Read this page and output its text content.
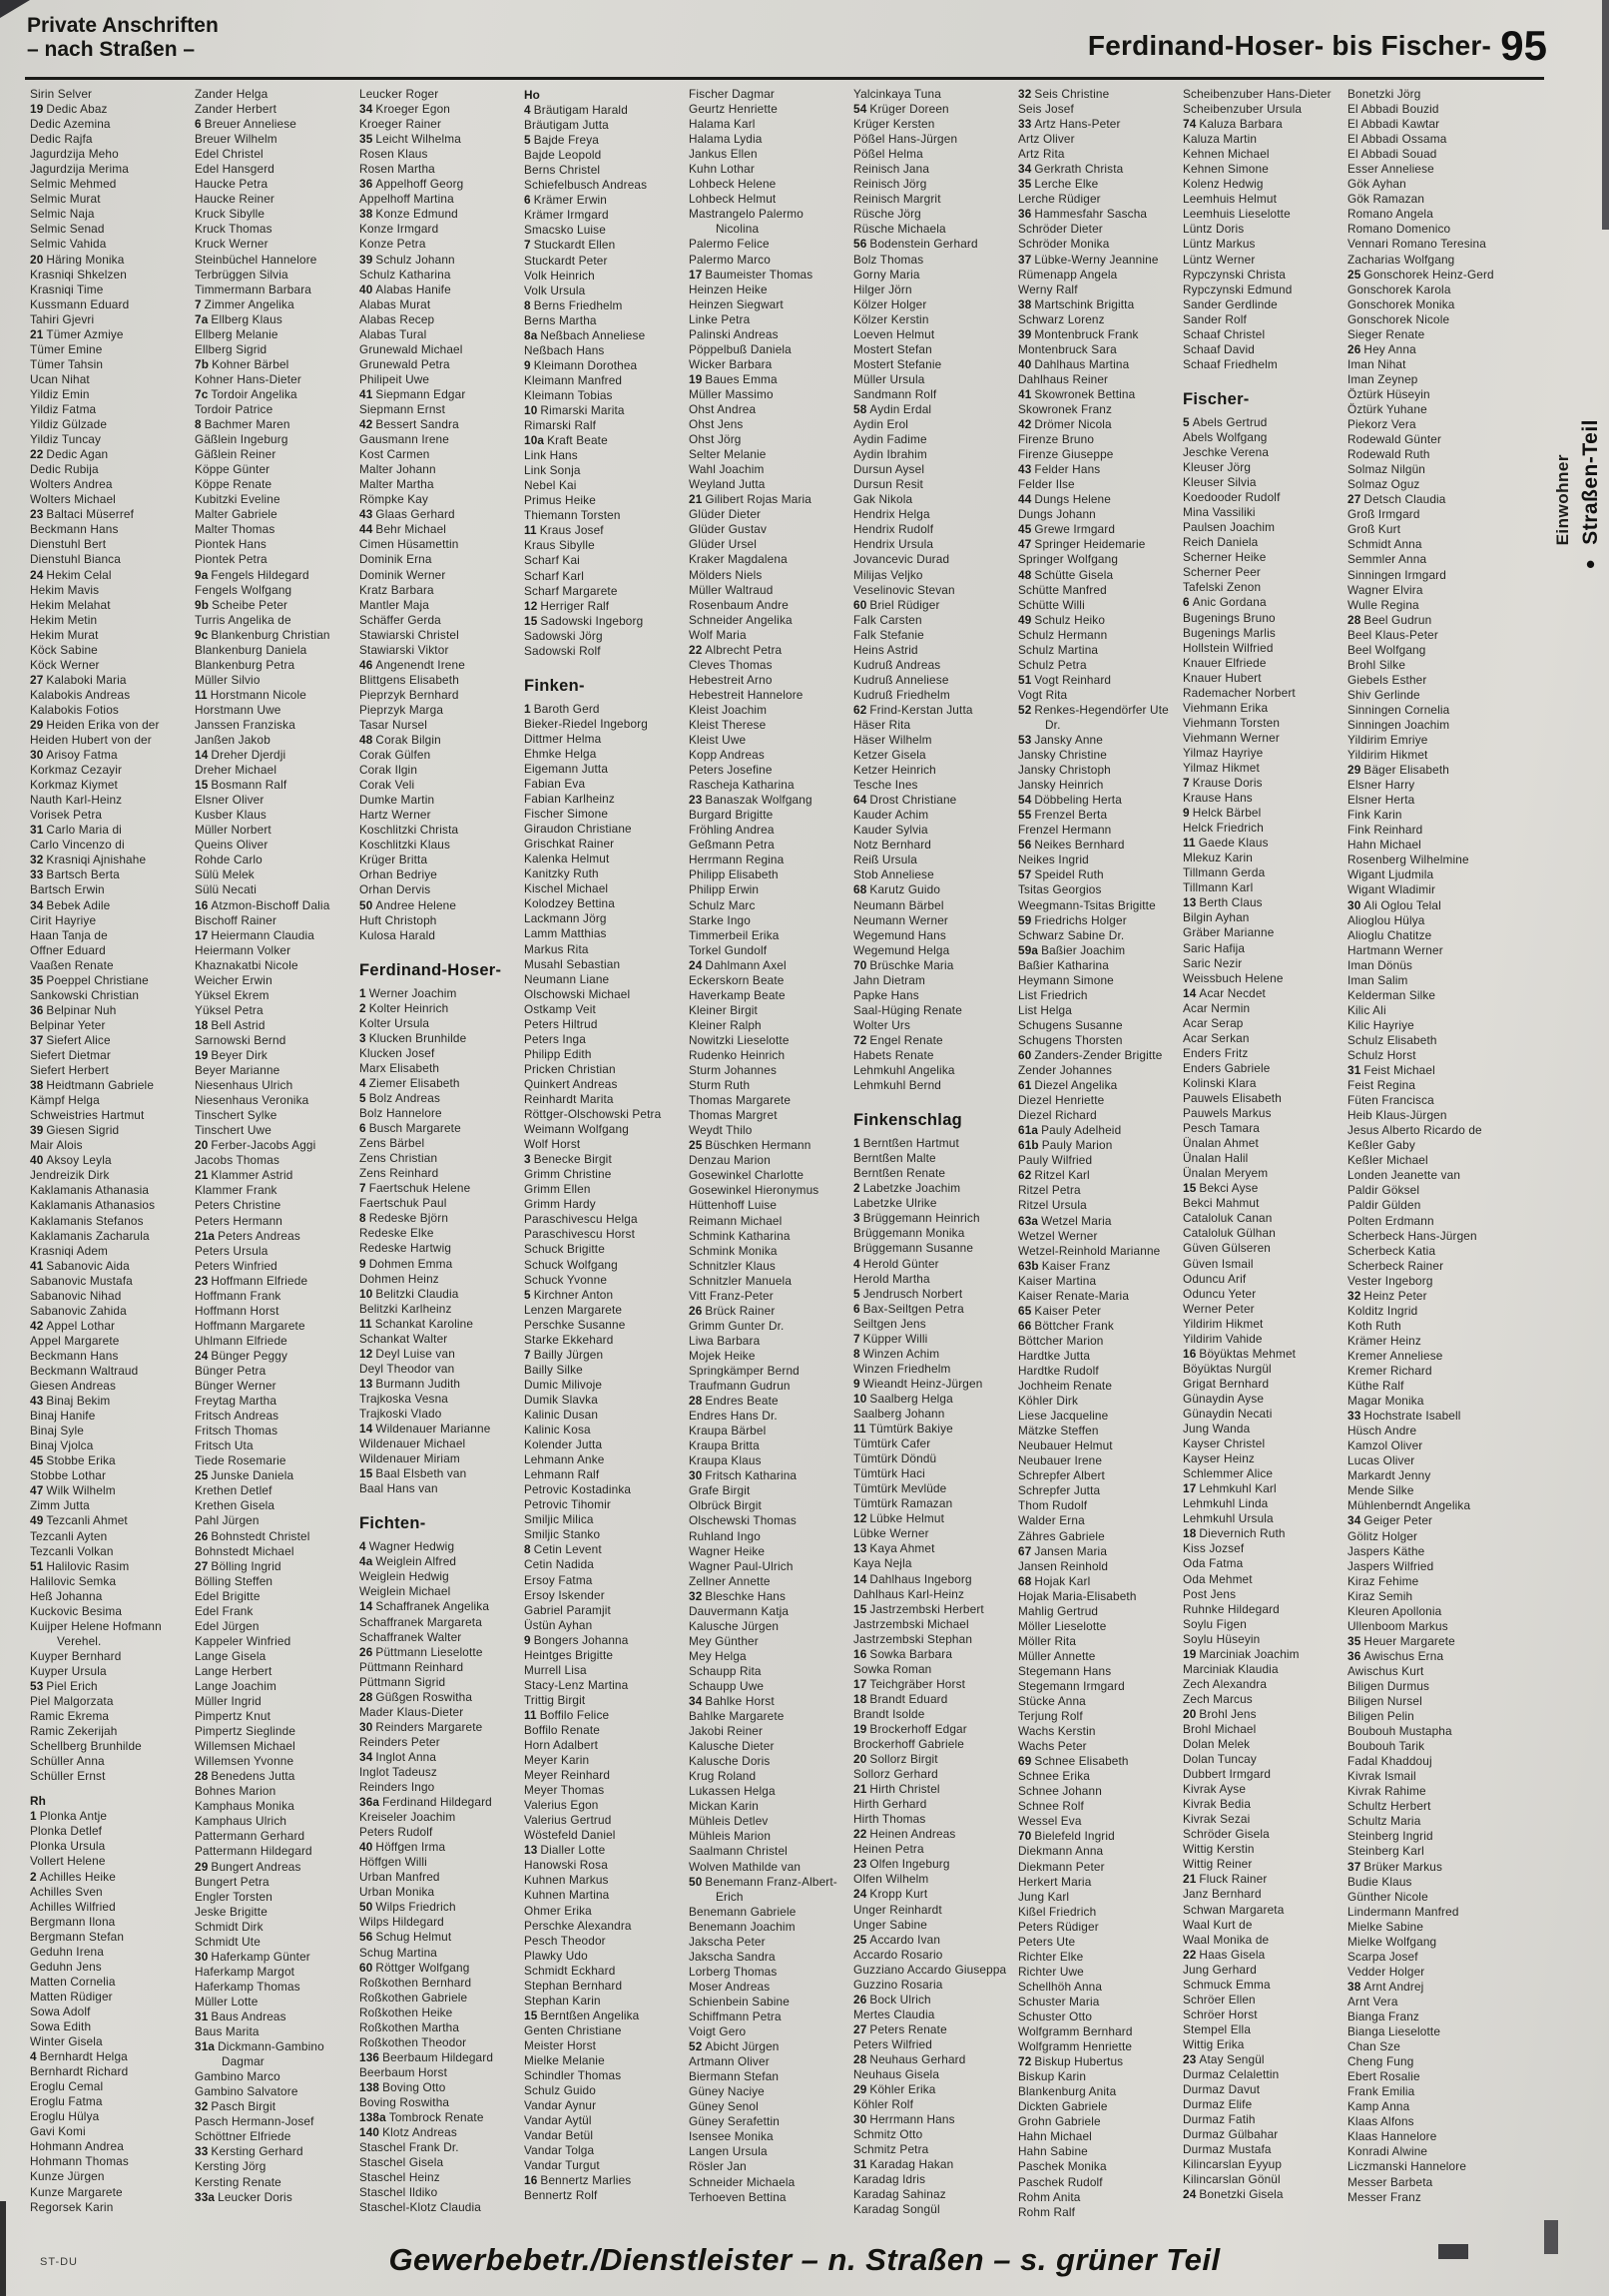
Private Anschriften
– nach Straßen –	Ferdinand-Hoser- bis Fischer- 95
Sirin Selver
19 Dedic Abaz
Dedic Azemina
Dedic Rajfa
Jagurdzija Meho
Jagurdzija Merima
Selmic Mehmed
Selmic Murat
Selmic Naja
Selmic Senad
Selmic Vahida
20 Häring Monika
Krasniqi Shkelzen
Krasniqi Time
Kussmann Eduard
Tahiri Gjevri
21 Tümer Azmiye
Tümer Emine
Tümer Tahsin
Ucan Nihat
Yildiz Emin
Yildiz Fatma
Yildiz Gülzade
Yildiz Tuncay
22 Dedic Agan
Dedic Rubija
Wolters Andrea
Wolters Michael
23 Baltaci Müserref
Beckmann Hans
Dienstuhl Bert
Dienstuhl Bianca
24 Hekim Celal
Hekim Mavis
Hekim Melahat
Hekim Metin
Hekim Murat
Köck Sabine
Köck Werner
27 Kalaboki Maria
Kalabokis Andreas
Kalabokis Fotios
29 Heiden Erika von der
Heiden Hubert von der
30 Arisoy Fatma
Korkmaz Cezayir
Korkmaz Kiymet
Nauth Karl-Heinz
Vorisek Petra
31 Carlo Maria di
Carlo Vincenzo di
32 Krasniqi Ajnishahe
33 Bartsch Berta
Bartsch Erwin
34 Bebek Adile
Cirit Hayriye
Haan Tanja de
Offner Eduard
Vaaßen Renate
35 Poeppel Christiane
Sankowski Christian
36 Belpinar Nuh
Belpinar Yeter
37 Siefert Alice
Siefert Dietmar
Siefert Herbert
38 Heidtmann Gabriele
Kämpf Helga
Schweistries Hartmut
39 Giesen Sigrid
Mair Alois
40 Aksoy Leyla
Jendreizik Dirk
Kaklamanis Athanasia
Kaklamanis Athanasios
Kaklamanis Stefanos
Kaklamanis Zacharula
Krasniqi Adem
41 Sabanovic Aida
Sabanovic Mustafa
Sabanovic Nihad
Sabanovic Zahida
42 Appel Lothar
Appel Margarete
Beckmann Hans
Beckmann Waltraud
Giesen Andreas
43 Binaj Bekim
Binaj Hanife
Binaj Syle
Binaj Vjolca
45 Stobbe Erika
Stobbe Lothar
47 Wilk Wilhelm
Zimm Jutta
49 Tezcanli Ahmet
Tezcanli Ayten
Tezcanli Volkan
51 Halilovic Rasim
Halilovic Semka
Heß Johanna
Kuckovic Besima
Kuijper Helene Hofmann
Verehel.
Kuyper Bernhard
Kuyper Ursula
53 Piel Erich
Piel Malgorzata
Ramic Ekrema
Ramic Zekerijah
Schellberg Brunhilde
Schüller Anna
Schüller Ernst
Rh
1 Plonka Antje
Plonka Detlef
Plonka Ursula
Vollert Helene
2 Achilles Heike
Achilles Sven
Achilles Wilfried
Bergmann Ilona
Bergmann Stefan
Geduhn Irena
Geduhn Jens
Matten Cornelia
Matten Rüdiger
Sowa Adolf
Sowa Edith
Winter Gisela
4 Bernhardt Helga
Bernhardt Richard
Eroglu Cemal
Eroglu Fatma
Eroglu Hülya
Gavi Komi
Hohmann Andrea
Hohmann Thomas
Kunze Jürgen
Kunze Margarete
Regorsek Karin
Zander Helga
Zander Herbert
6 Breuer Anneliese
Breuer Wilhelm
Edel Christel
Edel Hansgerd
Haucke Petra
Haucke Reiner
Kruck Sibylle
Kruck Thomas
Kruck Werner
Steinbüchel Hannelore
Terbrüggen Silvia
Timmermann Barbara
7 Zimmer Angelika
7a Ellberg Klaus
Ellberg Melanie
Ellberg Sigrid
7b Kohner Bärbel
Kohner Hans-Dieter
7c Tordoir Angelika
Tordoir Patrice
8 Bachmer Maren
Gäßlein Ingeburg
Gäßlein Reiner
Köppe Günter
Köppe Renate
Kubitzki Eveline
Malter Gabriele
Malter Thomas
Piontek Hans
Piontek Petra
9a Fengels Hildegard
Fengels Wolfgang
9b Scheibe Peter
Turris Angelika de
9c Blankenburg Christian
Blankenburg Daniela
Blankenburg Petra
Müller Silvio
11 Horstmann Nicole
Horstmann Uwe
Janssen Franziska
Janßen Jakob
14 Dreher Djerdji
Dreher Michael
15 Bosmann Ralf
Elsner Oliver
Kusber Klaus
Müller Norbert
Queins Oliver
Rohde Carlo
Sülü Melek
Sülü Necati
16 Atzmon-Bischoff Dalia
Bischoff Rainer
17 Heiermann Claudia
Heiermann Volker
Khaznakatbi Nicole
Weicher Erwin
Yüksel Ekrem
Yüksel Petra
18 Bell Astrid
Sarnowski Bernd
19 Beyer Dirk
Beyer Marianne
Niesenhaus Ulrich
Niesenhaus Veronika
Tinschert Sylke
Tinschert Uwe
20 Ferber-Jacobs Aggi
Jacobs Thomas
21 Klammer Astrid
Klammer Frank
Peters Christine
Peters Hermann
21a Peters Andreas
Peters Ursula
Peters Winfried
23 Hoffmann Elfriede
Hoffmann Frank
Hoffmann Horst
Hoffmann Margarete
Uhlmann Elfriede
24 Bünger Peggy
Bünger Petra
Bünger Werner
Freytag Martha
Fritsch Andreas
Fritsch Thomas
Fritsch Uta
Tiede Rosemarie
25 Junske Daniela
Krethen Detlef
Krethen Gisela
Pahl Jürgen
26 Bohnstedt Christel
Bohnstedt Michael
27 Bölling Ingrid
Bölling Steffen
Edel Brigitte
Edel Frank
Edel Jürgen
Kappeler Winfried
Lange Gisela
Lange Herbert
Lange Joachim
Müller Ingrid
Pimpertz Knut
Pimpertz Sieglinde
Willemsen Michael
Willemsen Yvonne
28 Benedens Jutta
Bohnes Marion
Kamphaus Monika
Kamphaus Ulrich
Pattermann Gerhard
Pattermann Hildegard
29 Bungert Andreas
Bungert Petra
Engler Torsten
Jeske Brigitte
Schmidt Dirk
Schmidt Ute
30 Haferkamp Günter
Haferkamp Margot
Haferkamp Thomas
Müller Lotte
31 Baus Andreas
Baus Marita
31a Dickmann-Gambino
Dagmar
Gambino Marco
Gambino Salvatore
32 Pasch Birgit
Pasch Hermann-Josef
Schöttner Elfriede
33 Kersting Gerhard
Kersting Jörg
Kersting Renate
33a Leucker Doris
Leucker Roger
34 Kroeger Egon
Kroeger Rainer
35 Leicht Wilhelma
Rosen Klaus
Rosen Martha
36 Appelhoff Georg
Appelhoff Martina
38 Konze Edmund
Konze Irmgard
Konze Petra
39 Schulz Johann
Schulz Katharina
40 Alabas Hanife
Alabas Murat
Alabas Recep
Alabas Tural
Grunewald Michael
Grunewald Petra
Philipeit Uwe
41 Siepmann Edgar
Siepmann Ernst
42 Bessert Sandra
Gausmann Irene
Kost Carmen
Malter Johann
Malter Martha
Römpke Kay
43 Glaas Gerhard
44 Behr Michael
Cimen Hüsamettin
Dominik Erna
Dominik Werner
Kratz Barbara
Mantler Maja
Schäffer Gerda
Stawiarski Christel
Stawiarski Viktor
46 Angenendt Irene
Blittgens Elisabeth
Pieprzyk Bernhard
Pieprzyk Marga
Tasar Nursel
48 Corak Bilgin
Corak Gülfen
Corak Ilgin
Corak Veli
Dumke Martin
Hartz Werner
Koschlitzki Christa
Koschlitzki Klaus
Krüger Britta
Orhan Bedriye
Orhan Dervis
50 Andree Helene
Huft Christoph
Kulosa Harald
Ferdinand-Hoser-
1 Werner Joachim
2 Kolter Heinrich
Kolter Ursula
3 Klucken Brunhilde
Klucken Josef
Marx Elisabeth
4 Ziemer Elisabeth
5 Bolz Andreas
Bolz Hannelore
6 Busch Margarete
Zens Bärbel
Zens Christian
Zens Reinhard
7 Faertschuk Helene
Faertschuk Paul
8 Redeske Björn
Redeske Elke
Redeske Hartwig
9 Dohmen Emma
Dohmen Heinz
10 Belitzki Claudia
Belitzki Karlheinz
11 Schankat Karoline
Schankat Walter
12 Deyl Luise van
Deyl Theodor van
13 Burmann Judith
Trajkoska Vesna
Trajkoski Vlado
14 Wildenauer Marianne
Wildenauer Michael
Wildenauer Miriam
15 Baal Elsbeth van
Baal Hans van
Fichten-
4 Wagner Hedwig
4a Weiglein Alfred
Weiglein Hedwig
Weiglein Michael
14 Schaffranek Angelika
Schaffranek Margareta
Schaffranek Walter
26 Püttmann Lieselotte
Püttmann Reinhard
Püttmann Sigrid
28 Güßgen Roswitha
Mader Klaus-Dieter
30 Reinders Margarete
Reinders Peter
34 Inglot Anna
Inglot Tadeusz
Reinders Ingo
36a Ferdinand Hildegard
Kreiseler Joachim
Peters Rudolf
40 Höffgen Irma
Höffgen Willi
Urban Manfred
Urban Monika
50 Wilps Friedrich
Wilps Hildegard
56 Schug Helmut
Schug Martina
60 Röttger Wolfgang
Roßkothen Bernhard
Roßkothen Gabriele
Roßkothen Heike
Roßkothen Martha
Roßkothen Theodor
136 Beerbaum Hildegard
Beerbaum Horst
138 Boving Otto
Boving Roswitha
138a Tombrock Renate
140 Klotz Andreas
Staschel Frank Dr.
Staschel Gisela
Staschel Heinz
Staschel Ildiko
Staschel-Klotz Claudia
Ho
4 Bräutigam Harald
Bräutigam Jutta
5 Bajde Freya
Bajde Leopold
Berns Christel
Schiefelbusch Andreas
6 Krämer Erwin
Krämer Irmgard
Smacsko Luise
7 Stuckardt Ellen
Stuckardt Peter
Volk Heinrich
Volk Ursula
8 Berns Friedhelm
Berns Martha
8a Neßbach Anneliese
Neßbach Hans
9 Kleimann Dorothea
Kleimann Manfred
Kleimann Tobias
10 Rimarski Marita
Rimarski Ralf
10a Kraft Beate
Link Hans
Link Sonja
Nebel Kai
Primus Heike
Thiemann Torsten
11 Kraus Josef
Kraus Sibylle
Scharf Kai
Scharf Karl
Scharf Margarete
12 Herriger Ralf
15 Sadowski Ingeborg
Sadowski Jörg
Sadowski Rolf
Finken-
1 Baroth Gerd
Bieker-Riedel Ingeborg
Dittmer Helma
Ehmke Helga
Eigemann Jutta
Fabian Eva
Fabian Karlheinz
Fischer Simone
Giraudon Christiane
Grischkat Rainer
Kalenka Helmut
Kanitzky Ruth
Kischel Michael
Kolodzey Bettina
Lackmann Jörg
Lamm Matthias
Markus Rita
Musahl Sebastian
Neumann Liane
Olschowski Michael
Ostkamp Veit
Peters Hiltrud
Peters Inga
Philipp Edith
Pricken Christian
Quinkert Andreas
Reinhardt Marita
Röttger-Olschowski Petra
Weimann Wolfgang
Wolf Horst
3 Benecke Birgit
Grimm Christine
Grimm Ellen
Grimm Hardy
Paraschivescu Helga
Paraschivescu Horst
Schuck Brigitte
Schuck Wolfgang
Schuck Yvonne
5 Kirchner Anton
Lenzen Margarete
Perschke Susanne
Starke Ekkehard
7 Bailly Jürgen
Bailly Silke
Dumic Milivoje
Dumik Slavka
Kalinic Dusan
Kalinic Kosa
Kolender Jutta
Lehmann Anke
Lehmann Ralf
Petrovic Kostadinka
Petrovic Tihomir
Smiljic Milica
Smiljic Stanko
8 Cetin Levent
Cetin Nadida
Ersoy Fatma
Ersoy Iskender
Gabriel Paramjit
Üstün Ayhan
9 Bongers Johanna
Heintges Brigitte
Murrell Lisa
Stacy-Lenz Martina
Trittig Birgit
11 Boffilo Felice
Boffilo Renate
Horn Adalbert
Meyer Karin
Meyer Reinhard
Meyer Thomas
Valerius Egon
Valerius Gertrud
Wöstefeld Daniel
13 Dialler Lotte
Hanowski Rosa
Kuhnen Markus
Kuhnen Martina
Ohmer Erika
Perschke Alexandra
Pesch Theodor
Plawky Udo
Schmidt Eckhard
Stephan Bernhard
Stephan Karin
15 Berntßen Angelika
Genten Christiane
Meister Horst
Mielke Melanie
Schindler Thomas
Schulz Guido
Vandar Aynur
Vandar Aytül
Vandar Betül
Vandar Tolga
Vandar Turgut
16 Bennertz Marlies
Bennertz Rolf
Fischer Dagmar
Geurtz Henriette
Halama Karl
Halama Lydia
Jankus Ellen
Kuhn Lothar
Lohbeck Helene
Lohbeck Helmut
Mastrangelo Palermo
Nicolina
Palermo Felice
Palermo Marco
17 Baumeister Thomas
Heinzen Heike
Heinzen Siegwart
Linke Petra
Palinski Andreas
Pöppelbuß Daniela
Wicker Barbara
19 Baues Emma
Müller Massimo
Ohst Andrea
Ohst Jens
Ohst Jörg
Selter Melanie
Wahl Joachim
Weyland Jutta
21 Gilibert Rojas Maria
Glüder Dieter
Glüder Gustav
Glüder Ursel
Kraker Magdalena
Mölders Niels
Müller Waltraud
Rosenbaum Andre
Schneider Angelika
Wolf Maria
22 Albrecht Petra
Cleves Thomas
Hebestreit Arno
Hebestreit Hannelore
Kleist Joachim
Kleist Therese
Kleist Uwe
Kopp Andreas
Peters Josefine
Rascheja Katharina
23 Banaszak Wolfgang
Burgard Brigitte
Fröhling Andrea
Geßmann Petra
Herrmann Regina
Philipp Elisabeth
Philipp Erwin
Schulz Marc
Starke Ingo
Timmerbeil Erika
Torkel Gundolf
24 Dahlmann Axel
Eckerskorn Beate
Haverkamp Beate
Kleiner Birgit
Kleiner Ralph
Nowitzki Lieselotte
Rudenko Heinrich
Sturm Johannes
Sturm Ruth
Thomas Margarete
Thomas Margret
Weydt Thilo
25 Büschken Hermann
Denzau Marion
Gosewinkel Charlotte
Gosewinkel Hieronymus
Hüttenhoff Luise
Reimann Michael
Schmink Katharina
Schmink Monika
Schnitzler Klaus
Schnitzler Manuela
Vitt Franz-Peter
26 Brück Rainer
Grimm Gunter Dr.
Liwa Barbara
Mojek Heike
Springkämper Bernd
Traufmann Gudrun
28 Endres Beate
Endres Hans Dr.
Kraupa Bärbel
Kraupa Britta
Kraupa Klaus
30 Fritsch Katharina
Grafe Birgit
Olbrück Birgit
Olschewski Thomas
Ruhland Ingo
Wagner Heike
Wagner Paul-Ulrich
Zellner Annette
32 Bleschke Hans
Dauvermann Katja
Kalusche Jürgen
Mey Günther
Mey Helga
Schaupp Rita
Schaupp Uwe
34 Bahlke Horst
Bahlke Margarete
Jakobi Reiner
Kalusche Dieter
Kalusche Doris
Krug Roland
Lukassen Helga
Mickan Karin
Mühleis Detlev
Mühleis Marion
Saalmann Christel
Wolven Mathilde van
50 Benemann Franz-Albert-
Erich
Benemann Gabriele
Benemann Joachim
Jakscha Peter
Jakscha Sandra
Lorberg Thomas
Moser Andreas
Schienbein Sabine
Schiffmann Petra
Voigt Gero
52 Abicht Jürgen
Artmann Oliver
Biermann Stefan
Güney Naciye
Güney Senol
Güney Serafettin
Isensee Monika
Langen Ursula
Rösler Jan
Schneider Michaela
Terhoeven Bettina
Yalcinkaya Tuna
54 Krüger Doreen
Krüger Kersten
Pößel Hans-Jürgen
Pößel Helma
Reinisch Jana
Reinisch Jörg
Reinisch Margrit
Rüsche Jörg
Rüsche Michaela
56 Bodenstein Gerhard
Bolz Thomas
Gorny Maria
Hilger Jörn
Kölzer Holger
Kölzer Kerstin
Loeven Helmut
Mostert Stefan
Mostert Stefanie
Müller Ursula
Sandmann Rolf
58 Aydin Erdal
Aydin Erol
Aydin Fadime
Aydin Ibrahim
Dursun Aysel
Dursun Resit
Gak Nikola
Hendrix Helga
Hendrix Rudolf
Hendrix Ursula
Jovancevic Durad
Milijas Veljko
Veselinovic Stevan
60 Briel Rüdiger
Falk Carsten
Falk Stefanie
Heins Astrid
Kudruß Andreas
Kudruß Anneliese
Kudruß Friedhelm
62 Frind-Kerstan Jutta
Häser Rita
Häser Wilhelm
Ketzer Gisela
Ketzer Heinrich
Tesche Ines
64 Drost Christiane
Kauder Achim
Kauder Sylvia
Notz Bernhard
Reiß Ursula
Stob Anneliese
68 Karutz Guido
Neumann Bärbel
Neumann Werner
Wegemund Hans
Wegemund Helga
70 Brüschke Maria
Jahn Dietram
Papke Hans
Saal-Hüging Renate
Wolter Urs
72 Engel Renate
Habets Renate
Lehmkuhl Angelika
Lehmkuhl Bernd
Finkenschlag
1 Berntßen Hartmut
Berntßen Malte
Berntßen Renate
2 Labetzke Joachim
Labetzke Ulrike
3 Brüggemann Heinrich
Brüggemann Monika
Brüggemann Susanne
4 Herold Günter
Herold Martha
5 Jendrusch Norbert
6 Bax-Seiltgen Petra
Seiltgen Jens
7 Küpper Willi
8 Winzen Achim
Winzen Friedhelm
9 Wieandt Heinz-Jürgen
10 Saalberg Helga
Saalberg Johann
11 Tümtürk Bakiye
Tümtürk Cafer
Tümtürk Döndü
Tümtürk Haci
Tümtürk Mevlüde
Tümtürk Ramazan
12 Lübke Helmut
Lübke Werner
13 Kaya Ahmet
Kaya Nejla
14 Dahlhaus Ingeborg
Dahlhaus Karl-Heinz
15 Jastrzembski Herbert
Jastrzembski Michael
Jastrzembski Stephan
16 Sowka Barbara
Sowka Roman
17 Teichgräber Horst
18 Brandt Eduard
Brandt Isolde
19 Brockerhoff Edgar
Brockerhoff Gabriele
20 Sollorz Birgit
Sollorz Gerhard
21 Hirth Christel
Hirth Gerhard
Hirth Thomas
22 Heinen Andreas
Heinen Petra
23 Olfen Ingeburg
Olfen Wilhelm
24 Kropp Kurt
Unger Reinhardt
Unger Sabine
25 Accardo Ivan
Accardo Rosario
Guzziano Accardo Giuseppa
Guzzino Rosaria
26 Bock Ulrich
Mertes Claudia
27 Peters Renate
Peters Wilfried
28 Neuhaus Gerhard
Neuhaus Gisela
29 Köhler Erika
Köhler Rolf
30 Herrmann Hans
Schmitz Otto
Schmitz Petra
31 Karadag Hakan
Karadag Idris
Karadag Sahinaz
Karadag Songül
32 Seis Christine
Seis Josef
33 Artz Hans-Peter
Artz Oliver
Artz Rita
34 Gerkrath Christa
35 Lerche Elke
Lerche Rüdiger
36 Hammesfahr Sascha
Schröder Dieter
Schröder Monika
37 Lübke-Werny Jeannine
Rümenapp Angela
Werny Ralf
38 Martschink Brigitta
Schwarz Lorenz
39 Montenbruck Frank
Montenbruck Sara
40 Dahlhaus Martina
Dahlhaus Reiner
41 Skowronek Bettina
Skowronek Franz
42 Drömer Nicola
Firenze Bruno
Firenze Giuseppe
43 Felder Hans
Felder Ilse
44 Dungs Helene
Dungs Johann
45 Grewe Irmgard
47 Springer Heidemarie
Springer Wolfgang
48 Schütte Gisela
Schütte Manfred
Schütte Willi
49 Schulz Heiko
Schulz Hermann
Schulz Martina
Schulz Petra
51 Vogt Reinhard
Vogt Rita
52 Renkes-Hegendörfer Ute
Dr.
53 Jansky Anne
Jansky Christine
Jansky Christoph
Jansky Heinrich
54 Döbbeling Herta
55 Frenzel Berta
Frenzel Hermann
56 Neikes Bernhard
Neikes Ingrid
57 Speidel Ruth
Tsitas Georgios
Weegmann-Tsitas Brigitte
59 Friedrichs Holger
Schwarz Sabine Dr.
59a Baßier Joachim
Baßier Katharina
Heymann Simone
List Friedrich
List Helga
Schugens Susanne
Schugens Thorsten
60 Zanders-Zender Brigitte
Zender Johannes
61 Diezel Angelika
Diezel Henriette
Diezel Richard
61a Pauly Adelheid
61b Pauly Marion
Pauly Wilfried
62 Ritzel Karl
Ritzel Petra
Ritzel Ursula
63a Wetzel Maria
Wetzel Werner
Wetzel-Reinhold Marianne
63b Kaiser Franz
Kaiser Martina
Kaiser Renate-Maria
65 Kaiser Peter
66 Böttcher Frank
Böttcher Marion
Hardtke Jutta
Hardtke Rudolf
Jochheim Renate
Köhler Dirk
Liese Jacqueline
Mätzke Steffen
Neubauer Helmut
Neubauer Irene
Schrepfer Albert
Schrepfer Jutta
Thom Rudolf
Walder Erna
Zähres Gabriele
67 Jansen Maria
Jansen Reinhold
68 Hojak Karl
Hojak Maria-Elisabeth
Mahlig Gertrud
Möller Lieselotte
Möller Rita
Müller Annette
Stegemann Hans
Stegemann Irmgard
Stücke Anna
Terjung Rolf
Wachs Kerstin
Wachs Peter
69 Schnee Elisabeth
Schnee Erika
Schnee Johann
Schnee Rolf
Wessel Eva
70 Bielefeld Ingrid
Diekmann Anna
Diekmann Peter
Herkert Maria
Jung Karl
Kißel Friedrich
Peters Rüdiger
Peters Ute
Richter Elke
Richter Uwe
Schellhöh Anna
Schuster Maria
Schuster Otto
Wolfgramm Bernhard
Wolfgramm Henriette
72 Biskup Hubertus
Biskup Karin
Blankenburg Anita
Dickten Gabriele
Grohn Gabriele
Hahn Michael
Hahn Sabine
Paschek Monika
Paschek Rudolf
Rohm Anita
Rohm Ralf
Scheibenzuber Hans-Dieter
Scheibenzuber Ursula
74 Kaluza Barbara
Kaluza Martin
Kehnen Michael
Kehnen Simone
Kolenz Hedwig
Leemhuis Helmut
Leemhuis Lieselotte
Lüntz Doris
Lüntz Markus
Lüntz Werner
Rypczynski Christa
Rypczynski Edmund
Sander Gerdlinde
Sander Rolf
Schaaf Christel
Schaaf David
Schaaf Friedhelm
Fischer-
5 Abels Gertrud
Abels Wolfgang
Jeschke Verena
Kleuser Jörg
Kleuser Silvia
Koedooder Rudolf
Mina Vassiliki
Paulsen Joachim
Reich Daniela
Scherner Heike
Scherner Peer
Tafelski Zenon
6 Anic Gordana
Bugenings Bruno
Bugenings Marlis
Hollstein Wilfried
Knauer Elfriede
Knauer Hubert
Rademacher Norbert
Viehmann Erika
Viehmann Torsten
Viehmann Werner
Yilmaz Hayriye
Yilmaz Hikmet
7 Krause Doris
Krause Hans
9 Helck Bärbel
Helck Friedrich
11 Gaede Klaus
Mlekuz Karin
Tillmann Gerda
Tillmann Karl
13 Berth Claus
Bilgin Ayhan
Gräber Marianne
Saric Hafija
Saric Nezir
Weissbuch Helene
14 Acar Necdet
Acar Nermin
Acar Serap
Acar Serkan
Enders Fritz
Enders Gabriele
Kolinski Klara
Pauwels Elisabeth
Pauwels Markus
Pesch Tamara
Ünalan Ahmet
Ünalan Halil
Ünalan Meryem
15 Bekci Ayse
Bekci Mahmut
Cataloluk Canan
Cataloluk Gülhan
Güven Gülseren
Güven Ismail
Oduncu Arif
Oduncu Yeter
Werner Peter
Yildirim Hikmet
Yildirim Vahide
16 Böyüktas Mehmet
Böyüktas Nurgül
Grigat Bernhard
Günaydin Ayse
Günaydin Necati
Jung Wanda
Kayser Christel
Kayser Heinz
Schlemmer Alice
17 Lehmkuhl Karl
Lehmkuhl Linda
Lehmkuhl Ursula
18 Dievernich Ruth
Kiss Jozsef
Oda Fatma
Oda Mehmet
Post Jens
Ruhnke Hildegard
Soylu Figen
Soylu Hüseyin
19 Marciniak Joachim
Marciniak Klaudia
Zech Alexandra
Zech Marcus
20 Brohl Jens
Brohl Michael
Dolan Melek
Dolan Tuncay
Dubbert Irmgard
Kivrak Ayse
Kivrak Bedia
Kivrak Sezai
Schröder Gisela
Wittig Kerstin
Wittig Reiner
21 Fluck Rainer
Janz Bernhard
Schwan Margareta
Waal Kurt de
Waal Monika de
22 Haas Gisela
Jung Gerhard
Schmuck Emma
Schröer Ellen
Schröer Horst
Stempel Ella
Wittig Erika
23 Atay Sengül
Durmaz Celalettin
Durmaz Davut
Durmaz Elife
Durmaz Fatih
Durmaz Gülbahar
Durmaz Mustafa
Kilincarslan Eyyup
Kilincarslan Gönül
24 Bonetzki Gisela
Bonetzki Jörg
El Abbadi Bouzid
El Abbadi Kawtar
El Abbadi Ossama
El Abbadi Souad
Esser Anneliese
Gök Ayhan
Gök Ramazan
Romano Angela
Romano Domenico
Vennari Romano Teresina
Zacharias Wolfgang
25 Gonschorek Heinz-Gerd
Gonschorek Karola
Gonschorek Monika
Gonschorek Nicole
Sieger Renate
26 Hey Anna
Iman Nihat
Iman Zeynep
Öztürk Hüseyin
Öztürk Yuhane
Piekorz Vera
Rodewald Günter
Rodewald Ruth
Solmaz Nilgün
Solmaz Oguz
27 Detsch Claudia
Groß Irmgard
Groß Kurt
Schmidt Anna
Semmler Anna
Sinningen Irmgard
Wagner Elvira
Wulle Regina
28 Beel Gudrun
Beel Klaus-Peter
Beel Wolfgang
Brohl Silke
Giebels Esther
Shiv Gerlinde
Sinningen Cornelia
Sinningen Joachim
Yildirim Emriye
Yildirim Hikmet
29 Bäger Elisabeth
Elsner Harry
Elsner Herta
Fink Karin
Fink Reinhard
Hahn Michael
Rosenberg Wilhelmine
Wigant Ljudmila
Wigant Wladimir
30 Ali Oglou Telal
Alioglou Hülya
Alioglu Chatitze
Hartmann Werner
Iman Dönüs
Iman Salim
Kelderman Silke
Kilic Ali
Kilic Hayriye
Schulz Elisabeth
Schulz Horst
31 Feist Michael
Feist Regina
Füten Francisca
Heib Klaus-Jürgen
Jesus Alberto Ricardo de
Keßler Gaby
Keßler Michael
Londen Jeanette van
Paldir Göksel
Paldir Gülden
Polten Erdmann
Scherbeck Hans-Jürgen
Scherbeck Katia
Scherbeck Rainer
Vester Ingeborg
32 Heinz Peter
Kolditz Ingrid
Koth Ruth
Krämer Heinz
Kremer Anneliese
Kremer Richard
Küthe Ralf
Magar Monika
33 Hochstrate Isabell
Hüsch Andre
Kamzol Oliver
Lucas Oliver
Markardt Jenny
Mende Silke
Mühlenberndt Angelika
34 Geiger Peter
Gölitz Holger
Jaspers Käthe
Jaspers Wilfried
Kiraz Fehime
Kiraz Semih
Kleuren Apollonia
Ullenboom Markus
35 Heuer Margarete
36 Awischus Erna
Awischus Kurt
Biligen Durmus
Biligen Nursel
Biligen Pelin
Boubouh Mustapha
Boubouh Tarik
Fadal Khaddouj
Kivrak Ismail
Kivrak Rahime
Schultz Herbert
Schultz Maria
Steinberg Ingrid
Steinberg Karl
37 Brüker Markus
Budie Klaus
Günther Nicole
Lindermann Manfred
Mielke Sabine
Mielke Wolfgang
Scarpa Josef
Vedder Holger
38 Arnt Andrej
Arnt Vera
Bianga Franz
Bianga Lieselotte
Chan Sze
Cheng Fung
Ebert Rosalie
Frank Emilia
Kamp Anna
Klaas Alfons
Klaas Hannelore
Konradi Alwine
Liczmanski Hannelore
Messer Barbeta
Messer Franz
Einwohner
● Straßen-Teil
ST-DU	Gewerbebetr./Dienstleister – n. Straßen – s. grüner Teil
